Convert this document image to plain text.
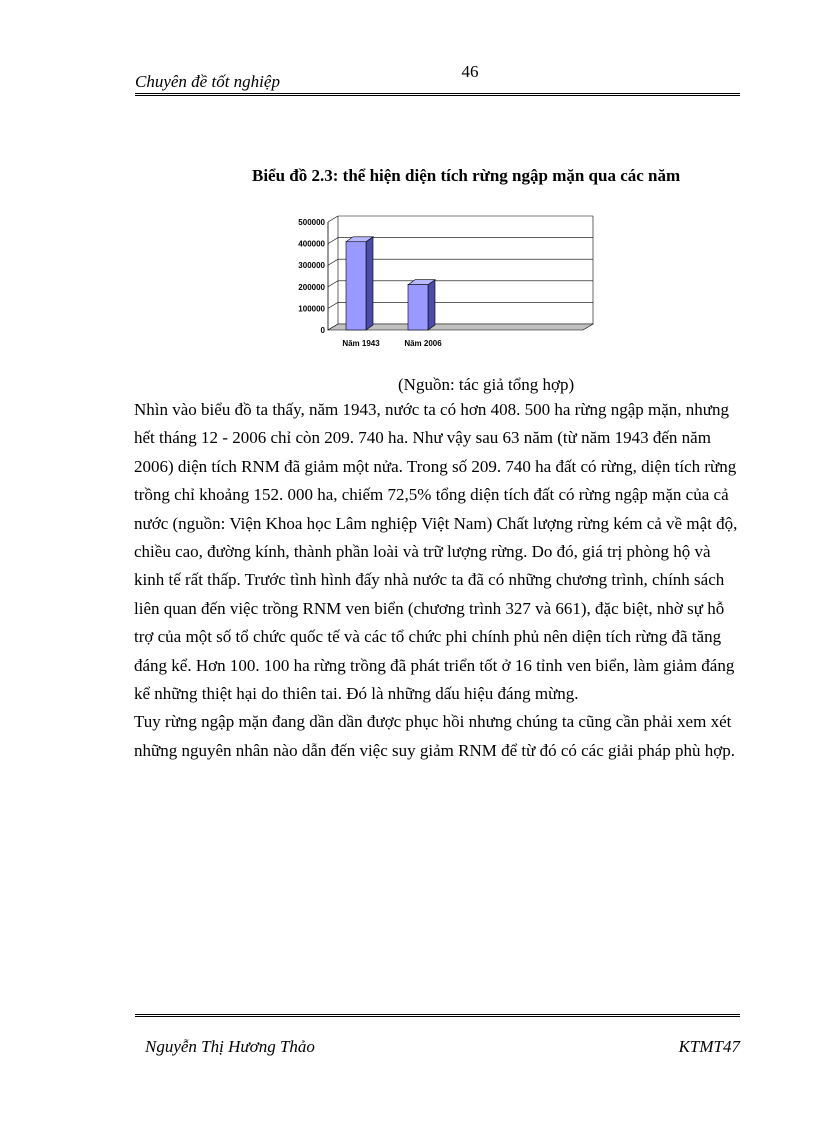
Chuyên đề tốt nghiệp
46
Biểu đồ 2.3: thể hiện diện tích rừng ngập mặn qua các năm
500000
400000
300000
200000
100000
0
Năm 1943	Năm 2006
(Nguồn: tác giả tổng hợp)

Nhìn vào biểu đồ ta thấy, năm 1943, nước ta có hơn 408. 500 ha rừng ngập mặn, nhưng hết tháng 12 - 2006 chỉ còn 209. 740 ha. Như vậy sau 63 năm (từ năm 1943 đến năm 2006) diện tích RNM đã giảm một nửa. Trong số 209. 740 ha đất có rừng, diện tích rừng trồng chỉ khoảng 152. 000 ha, chiếm 72,5% tổng diện tích đất có rừng ngập mặn của cả nước (nguồn: Viện Khoa học Lâm nghiệp Việt Nam) Chất lượng rừng kém cả về mật độ, chiều cao, đường kính, thành phần loài và trữ lượng rừng. Do đó, giá trị phòng hộ và kinh tế rất thấp. Trước tình hình đấy nhà nước ta đã có những chương trình, chính sách liên quan đến việc trồng RNM ven biển (chương trình 327 và 661), đặc biệt, nhờ sự hỗ trợ của một số tổ chức quốc tế và các tổ chức phi chính phủ nên diện tích rừng đã tăng đáng kể. Hơn 100. 100 ha rừng trồng đã phát triển tốt ở 16 tỉnh ven biển, làm giảm đáng kể những thiệt hại do thiên tai. Đó là những dấu hiệu đáng mừng.

Tuy rừng ngập mặn đang dần dần được phục hồi nhưng chúng ta cũng cần phải xem xét những nguyên nhân nào dẫn đến việc suy giảm RNM để từ đó có các giải pháp phù hợp.

Nguyễn Thị Hương Thảo	KTMT47
